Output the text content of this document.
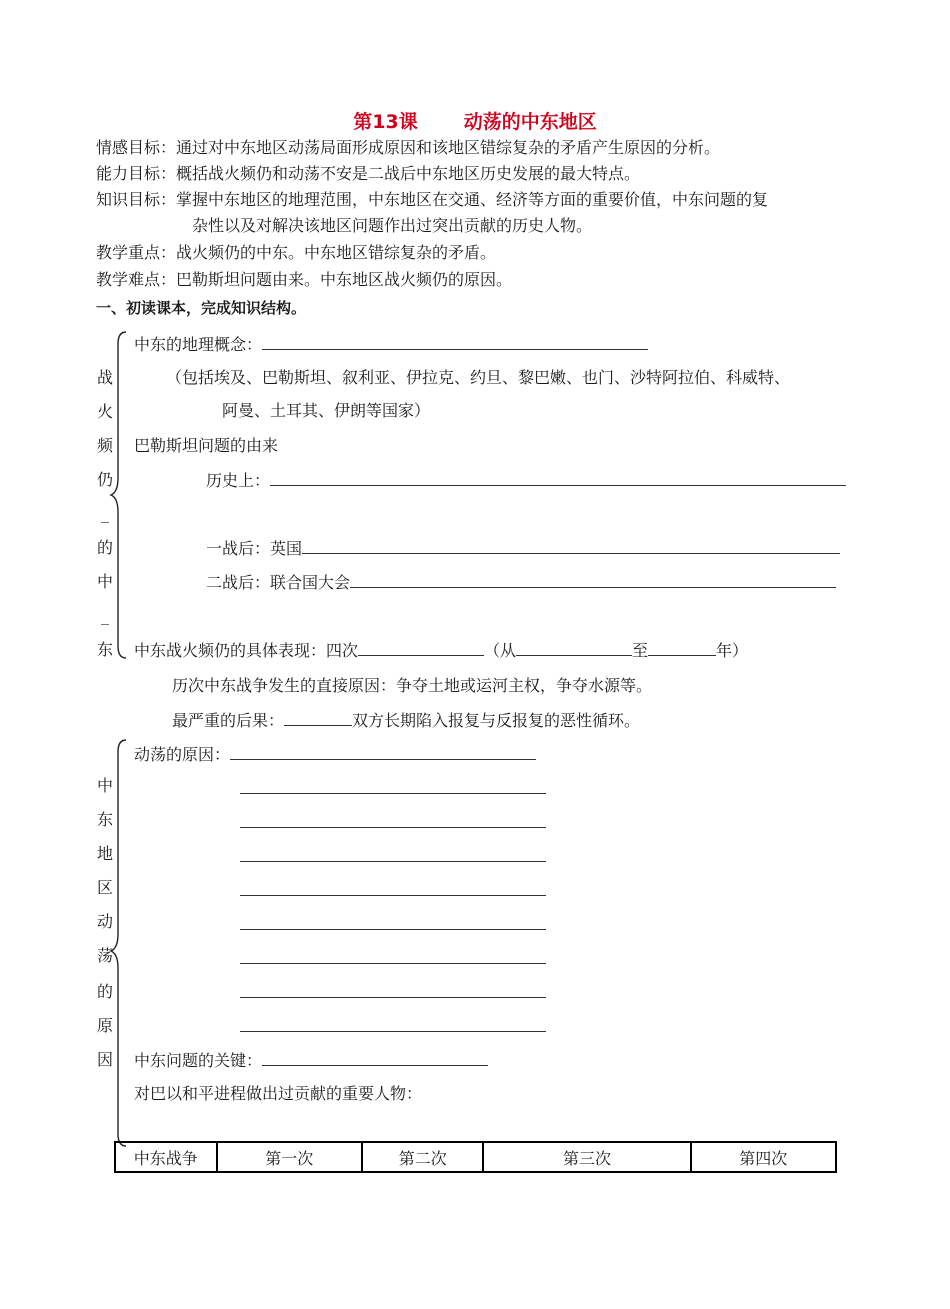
第13课 动荡的中东地区
情感目标：通过对中东地区动荡局面形成原因和该地区错综复杂的矛盾产生原因的分析。
能力目标：概括战火频仍和动荡不安是二战后中东地区历史发展的最大特点。
知识目标：掌握中东地区的地理范围，中东地区在交通、经济等方面的重要价值，中东问题的复
杂性以及对解决该地区问题作出过突出贡献的历史人物。
教学重点：战火频仍的中东。中东地区错综复杂的矛盾。
教学难点：巴勒斯坦问题由来。中东地区战火频仍的原因。
一、初读课本，完成知识结构。
战
火
频
仍
_
的
中
_
东
中东的地理概念：
（包括埃及、巴勒斯坦、叙利亚、伊拉克、约旦、黎巴嫩、也门、沙特阿拉伯、科威特、
阿曼、土耳其、伊朗等国家）
巴勒斯坦问题的由来
历史上：
一战后：英国
二战后：联合国大会
中东战火频仍的具体表现：四次	（从	至	年）
历次中东战争发生的直接原因：争夺土地或运河主权，争夺水源等。
最严重的后果：	双方长期陷入报复与反报复的恶性循环。
中
东
地
区
动
荡
的
原
因
动荡的原因：
中东问题的关键：
对巴以和平进程做出过贡献的重要人物：
中东战争	第一次	第二次	第三次	第四次
